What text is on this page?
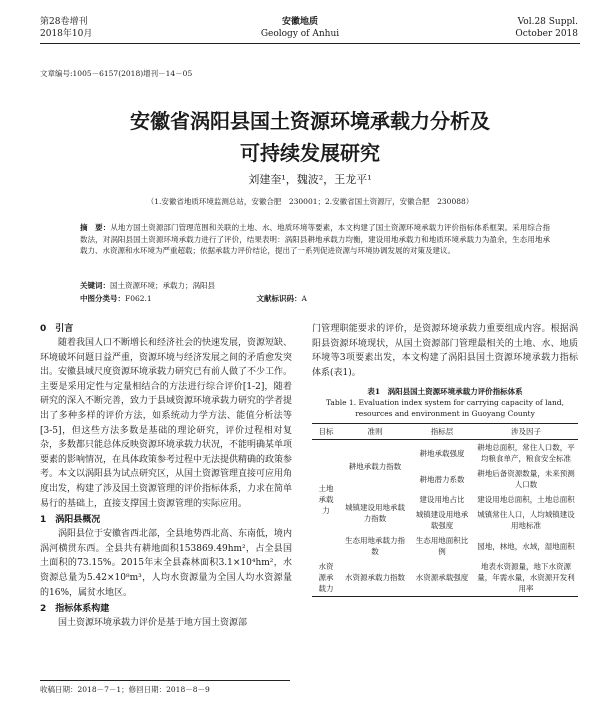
第28卷增刊
2018年10月
安徽地质
Geology of Anhui
Vol.28 Suppl.
October 2018
文章编号:1005－6157(2018)增刊－14－05
安徽省涡阳县国土资源环境承载力分析及
可持续发展研究
刘建奎¹，魏波²，王龙平¹
（1.安徽省地质环境监测总站，安徽合肥　230001；2.安徽省国土资源厅，安徽合肥　230088）
摘　要：从地方国土资源部门管理范围和关联的土地、水、地质环境等要素，本文构建了国土资源环境承载力评价指标体系框架。采用综合指数法，对涡阳县国土资源环境承载力进行了评价，结果表明：涡阳县耕地承载力均衡，建设用地承载力和地质环境承载力为盈余，生态用地承载力、水资源和水环境为严重超载；依据承载力评价结论，提出了一系列促进资源与环境协调发展的对策及建议。
关键词：国土资源环境；承载力；涡阳县
中图分类号：F062.1	文献标识码：A
0　引言

随着我国人口不断增长和经济社会的快速发展，资源短缺、环境破坏问题日益严重，资源环境与经济发展之间的矛盾愈发突出。安徽县域尺度资源环境承载力研究已有前人做了不少工作。主要是采用定性与定量相结合的方法进行综合评价[1-2]，随着研究的深入不断完善，致力于县域资源环境承载力研究的学者提出了多种多样的评价方法，如系统动力学方法、能值分析法等[3-5]，但这些方法多数是基础的理论研究，评价过程相对复杂，多数都只能总体反映资源环境承载力状况，不能明确某单项要素的影响情况，在具体政策参考过程中无法提供精确的政策参考。本文以涡阳县为试点研究区，从国土资源管理直接可应用角度出发，构建了涉及国土资源管理的评价指标体系，力求在简单易行的基础上，直接支撑国土资源管理的实际应用。

1　涡阳县概况

涡阳县位于安徽省西北部，全县地势西北高、东南低，境内涡河横贯东西。全县共有耕地面积153869.49hm²，占全县国土面积的73.15%。2015年末全县森林面积3.1×10⁴hm²，水资源总量为5.42×10⁸m³，人均水资源量为全国人均水资源量的16%，属贫水地区。

2　指标体系构建

国土资源环境承载力评价是基于地方国土资源部

门管理职能要求的评价，是资源环境承载力重要组成内容。根据涡阳县资源环境现状，从国土资源部门管理最相关的土地、水、地质环境等3项要素出发，本文构建了涡阳县国土资源环境承载力指标体系(表1)。

表1　涡阳县国土资源环境承载力评价指标体系
Table 1. Evaluation index system for carrying capacity of land, resources and environment in Guoyang County
目标	准则	指标层	涉及因子
土地承载力	耕地承载力指数	耕地承载强度	耕地总面积，常住人口数，平均粮食单产，粮食安全标准
		耕地潜力系数	耕地后备资源数量，未来预测人口数
	城镇建设用地承载力指数	建设用地占比	建设用地总面积，土地总面积
		城镇建设用地承载强度	城镇常住人口，人均城镇建设用地标准
	生态用地承载力指数	生态用地面积比例	园地，林地，水域，湿地面积
水资源承载力	水资源承载力指数	水资源承载强度	地表水资源量，地下水资源量，年需水量，水资源开发利用率
收稿日期：2018－7－1；修回日期：2018－8－9
